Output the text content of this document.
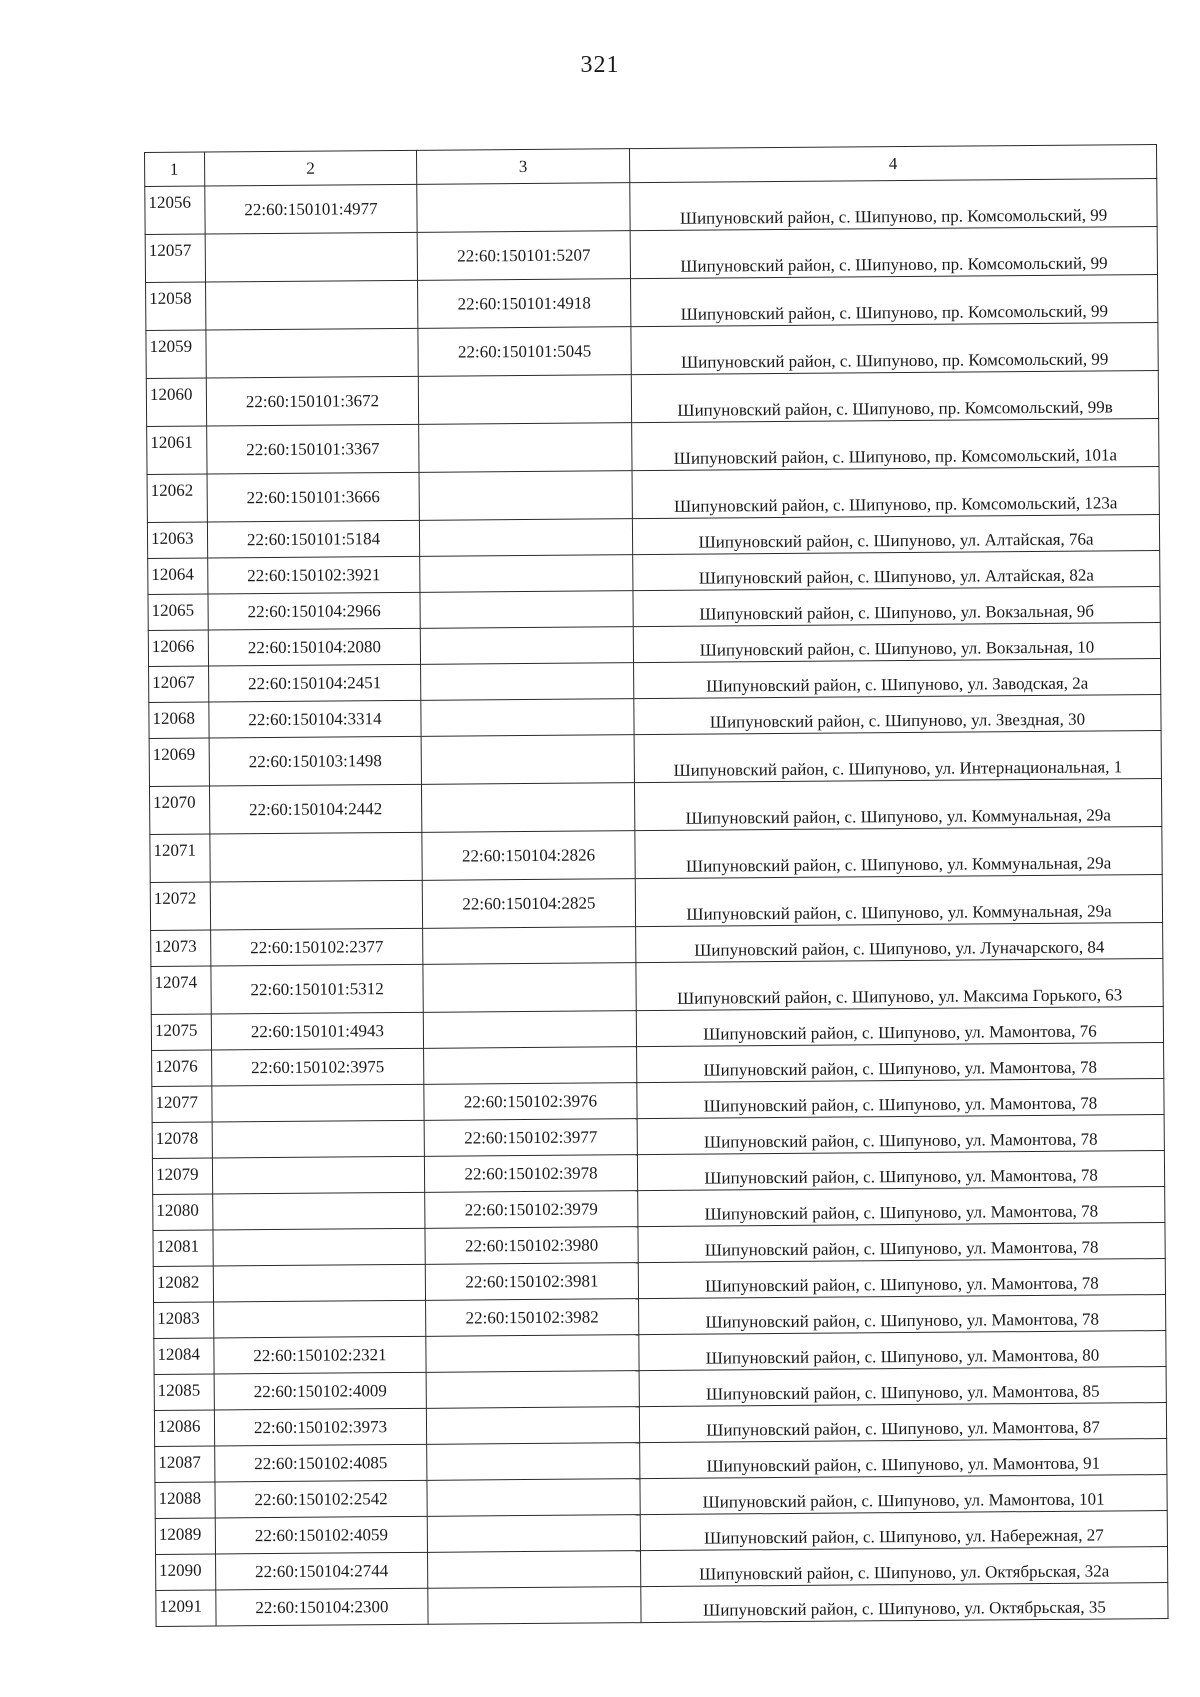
321
1	2	3	4
12056	22:60:150101:4977		Шипуновский район, с. Шипуново, пр. Комсомольский, 99
12057		22:60:150101:5207	Шипуновский район, с. Шипуново, пр. Комсомольский, 99
12058		22:60:150101:4918	Шипуновский район, с. Шипуново, пр. Комсомольский, 99
12059		22:60:150101:5045	Шипуновский район, с. Шипуново, пр. Комсомольский, 99
12060	22:60:150101:3672		Шипуновский район, с. Шипуново, пр. Комсомольский, 99в
12061	22:60:150101:3367		Шипуновский район, с. Шипуново, пр. Комсомольский, 101а
12062	22:60:150101:3666		Шипуновский район, с. Шипуново, пр. Комсомольский, 123а
12063	22:60:150101:5184		Шипуновский район, с. Шипуново, ул. Алтайская, 76а
12064	22:60:150102:3921		Шипуновский район, с. Шипуново, ул. Алтайская, 82а
12065	22:60:150104:2966		Шипуновский район, с. Шипуново, ул. Вокзальная, 9б
12066	22:60:150104:2080		Шипуновский район, с. Шипуново, ул. Вокзальная, 10
12067	22:60:150104:2451		Шипуновский район, с. Шипуново, ул. Заводская, 2а
12068	22:60:150104:3314		Шипуновский район, с. Шипуново, ул. Звездная, 30
12069	22:60:150103:1498		Шипуновский район, с. Шипуново, ул. Интернациональная, 1
12070	22:60:150104:2442		Шипуновский район, с. Шипуново, ул. Коммунальная, 29а
12071		22:60:150104:2826	Шипуновский район, с. Шипуново, ул. Коммунальная, 29а
12072		22:60:150104:2825	Шипуновский район, с. Шипуново, ул. Коммунальная, 29а
12073	22:60:150102:2377		Шипуновский район, с. Шипуново, ул. Луначарского, 84
12074	22:60:150101:5312		Шипуновский район, с. Шипуново, ул. Максима Горького, 63
12075	22:60:150101:4943		Шипуновский район, с. Шипуново, ул. Мамонтова, 76
12076	22:60:150102:3975		Шипуновский район, с. Шипуново, ул. Мамонтова, 78
12077		22:60:150102:3976	Шипуновский район, с. Шипуново, ул. Мамонтова, 78
12078		22:60:150102:3977	Шипуновский район, с. Шипуново, ул. Мамонтова, 78
12079		22:60:150102:3978	Шипуновский район, с. Шипуново, ул. Мамонтова, 78
12080		22:60:150102:3979	Шипуновский район, с. Шипуново, ул. Мамонтова, 78
12081		22:60:150102:3980	Шипуновский район, с. Шипуново, ул. Мамонтова, 78
12082		22:60:150102:3981	Шипуновский район, с. Шипуново, ул. Мамонтова, 78
12083		22:60:150102:3982	Шипуновский район, с. Шипуново, ул. Мамонтова, 78
12084	22:60:150102:2321		Шипуновский район, с. Шипуново, ул. Мамонтова, 80
12085	22:60:150102:4009		Шипуновский район, с. Шипуново, ул. Мамонтова, 85
12086	22:60:150102:3973		Шипуновский район, с. Шипуново, ул. Мамонтова, 87
12087	22:60:150102:4085		Шипуновский район, с. Шипуново, ул. Мамонтова, 91
12088	22:60:150102:2542		Шипуновский район, с. Шипуново, ул. Мамонтова, 101
12089	22:60:150102:4059		Шипуновский район, с. Шипуново, ул. Набережная, 27
12090	22:60:150104:2744		Шипуновский район, с. Шипуново, ул. Октябрьская, 32а
12091	22:60:150104:2300		Шипуновский район, с. Шипуново, ул. Октябрьская, 35
